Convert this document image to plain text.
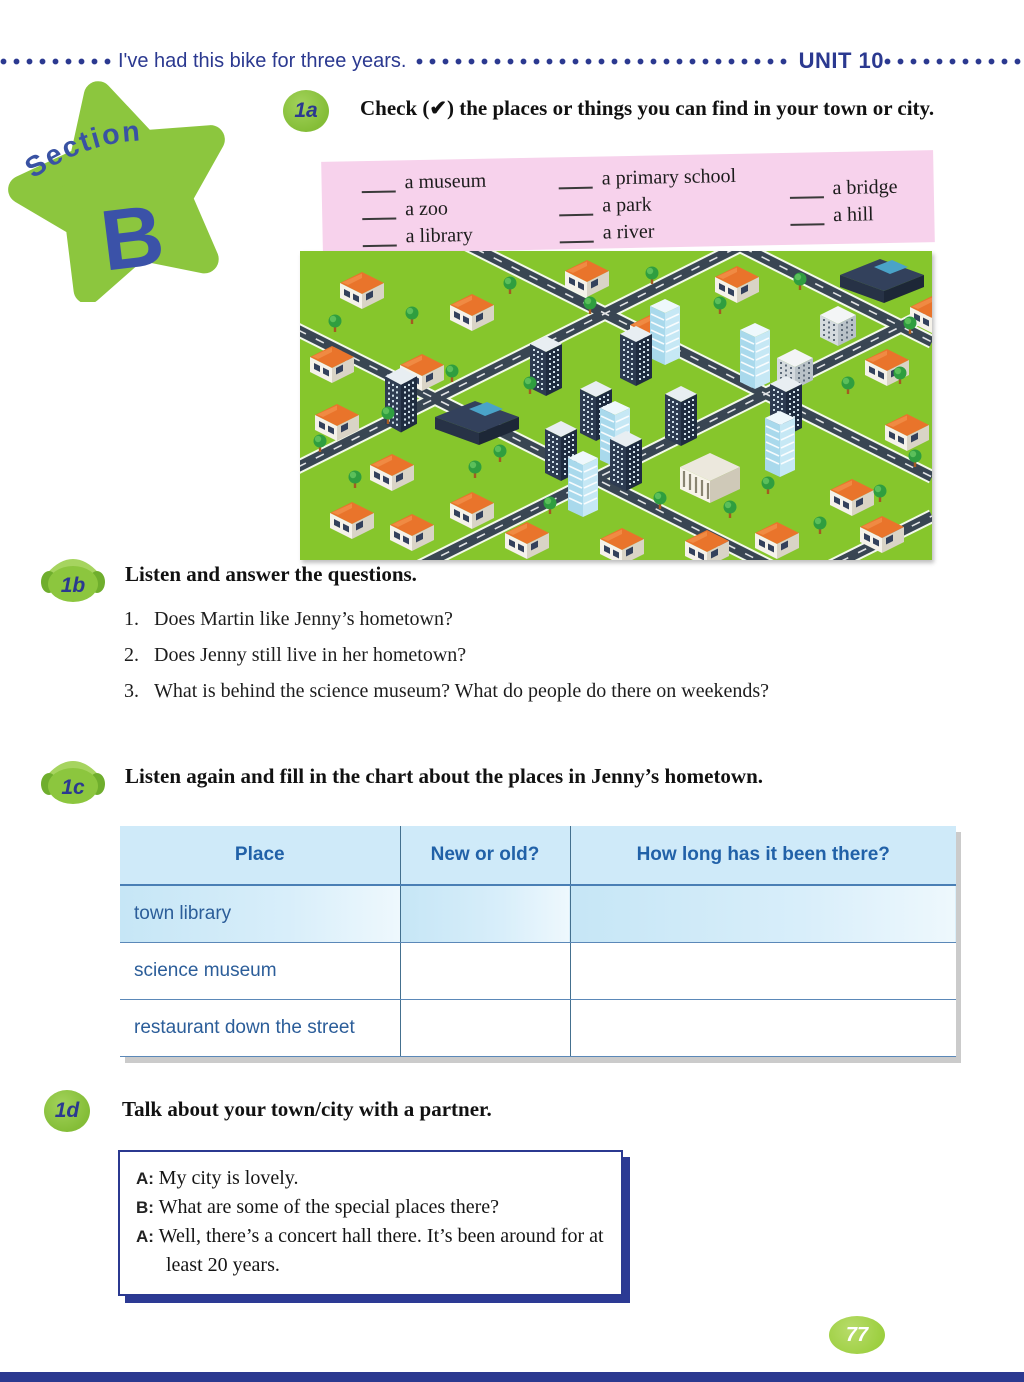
I've had this bike for three years.	UNIT 10
Section
B
1a Check (✔) the places or things you can find in your town or city.
a museum
a zoo
a library
a primary school
a park
a river
a bridge
a hill
1b Listen and answer the questions.
1. Does Martin like Jenny’s hometown?
2. Does Jenny still live in her hometown?
3. What is behind the science museum? What do people do there on weekends?
1c Listen again and fill in the chart about the places in Jenny’s hometown.
Place	New or old?	How long has it been there?
town library		
science museum		
restaurant down the street		
1d Talk about your town/city with a partner.
A: My city is lovely.
B: What are some of the special places there?
A: Well, there’s a concert hall there. It’s been around for at least 20 years.
77
